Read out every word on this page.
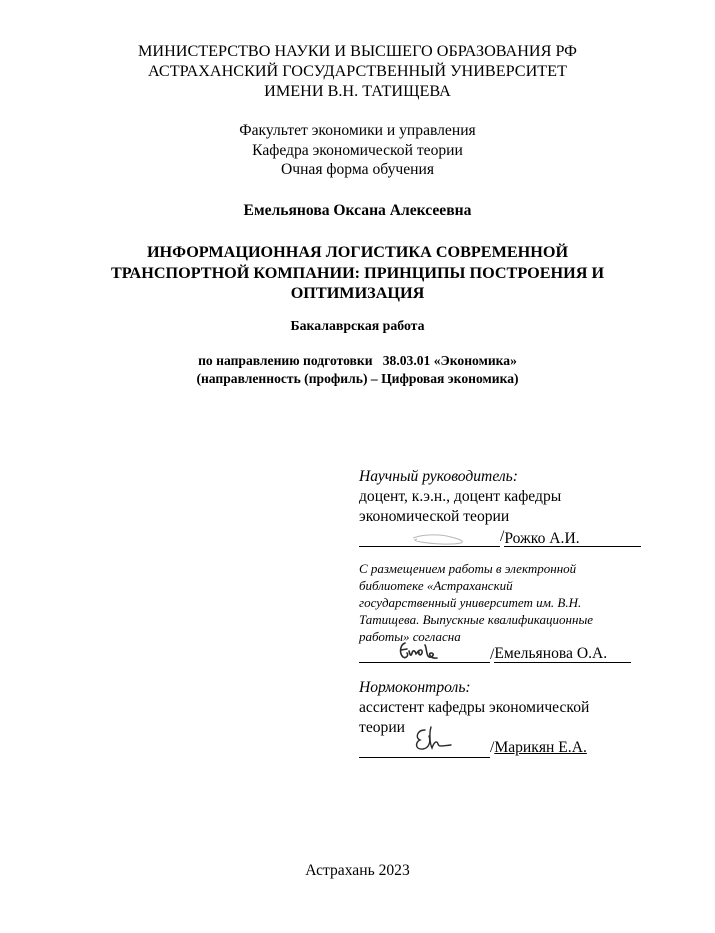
МИНИСТЕРСТВО НАУКИ И ВЫСШЕГО ОБРАЗОВАНИЯ РФ
АСТРАХАНСКИЙ ГОСУДАРСТВЕННЫЙ УНИВЕРСИТЕТ
ИМЕНИ В.Н. ТАТИЩЕВА
Факультет экономики и управления
Кафедра экономической теории
Очная форма обучения
Емельянова Оксана Алексеевна
ИНФОРМАЦИОННАЯ ЛОГИСТИКА СОВРЕМЕННОЙ
ТРАНСПОРТНОЙ КОМПАНИИ: ПРИНЦИПЫ ПОСТРОЕНИЯ И
ОПТИМИЗАЦИЯ
Бакалаврская работа
по направлению подготовки   38.03.01 «Экономика»
(направленность (профиль) – Цифровая экономика)
Научный руководитель:
доцент, к.э.н., доцент кафедры
экономической теории
/Рожко А.И.
С размещением работы в электронной
библиотеке «Астраханский
государственный университет им. В.Н.
Татищева. Выпускные квалификационные
работы» согласна
/Емельянова О.А.
Нормоконтроль:
ассистент кафедры экономической
теории
/Марикян Е.А.
Астрахань 2023
